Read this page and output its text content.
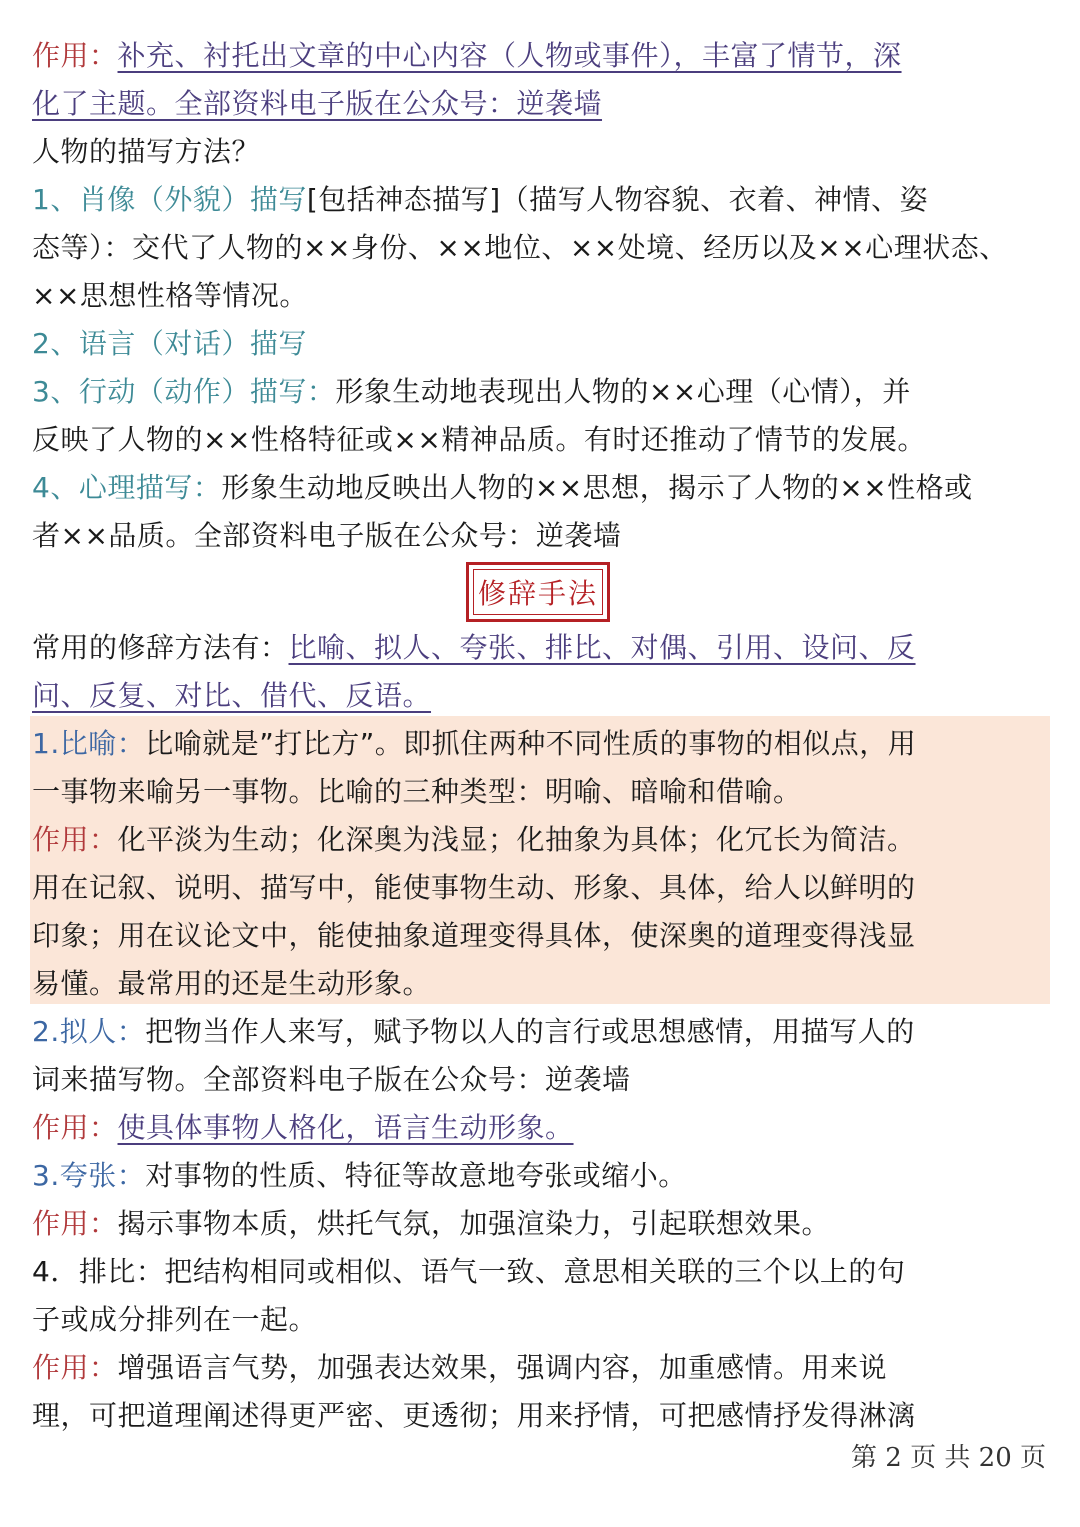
作用：补充、衬托出文章的中心内容（人物或事件），丰富了情节，深
化了主题。全部资料电子版在公众号：逆袭墙
人物的描写方法？
1、肖像（外貌）描写[包括神态描写]（描写人物容貌、衣着、神情、姿
态等）：交代了人物的××身份、××地位、××处境、经历以及××心理状态、
××思想性格等情况。
2、语言（对话）描写
3、行动（动作）描写：形象生动地表现出人物的××心理（心情），并
反映了人物的××性格特征或××精神品质。有时还推动了情节的发展。
4、心理描写：形象生动地反映出人物的××思想，揭示了人物的××性格或
者××品质。全部资料电子版在公众号：逆袭墙
修辞手法
常用的修辞方法有：比喻、拟人、夸张、排比、对偶、引用、设问、反
问、反复、对比、借代、反语。
1.比喻：比喻就是”打比方”。即抓住两种不同性质的事物的相似点，用
一事物来喻另一事物。比喻的三种类型：明喻、暗喻和借喻。
作用：化平淡为生动；化深奥为浅显；化抽象为具体；化冗长为简洁。
用在记叙、说明、描写中，能使事物生动、形象、具体，给人以鲜明的
印象；用在议论文中，能使抽象道理变得具体，使深奥的道理变得浅显
易懂。最常用的还是生动形象。
2.拟人：把物当作人来写，赋予物以人的言行或思想感情，用描写人的
词来描写物。全部资料电子版在公众号：逆袭墙
作用：使具体事物人格化，语言生动形象。
3.夸张：对事物的性质、特征等故意地夸张或缩小。
作用：揭示事物本质，烘托气氛，加强渲染力，引起联想效果。
4．排比：把结构相同或相似、语气一致、意思相关联的三个以上的句
子或成分排列在一起。
作用：增强语言气势，加强表达效果，强调内容，加重感情。用来说
理，可把道理阐述得更严密、更透彻；用来抒情，可把感情抒发得淋漓
第 2 页 共 20 页
